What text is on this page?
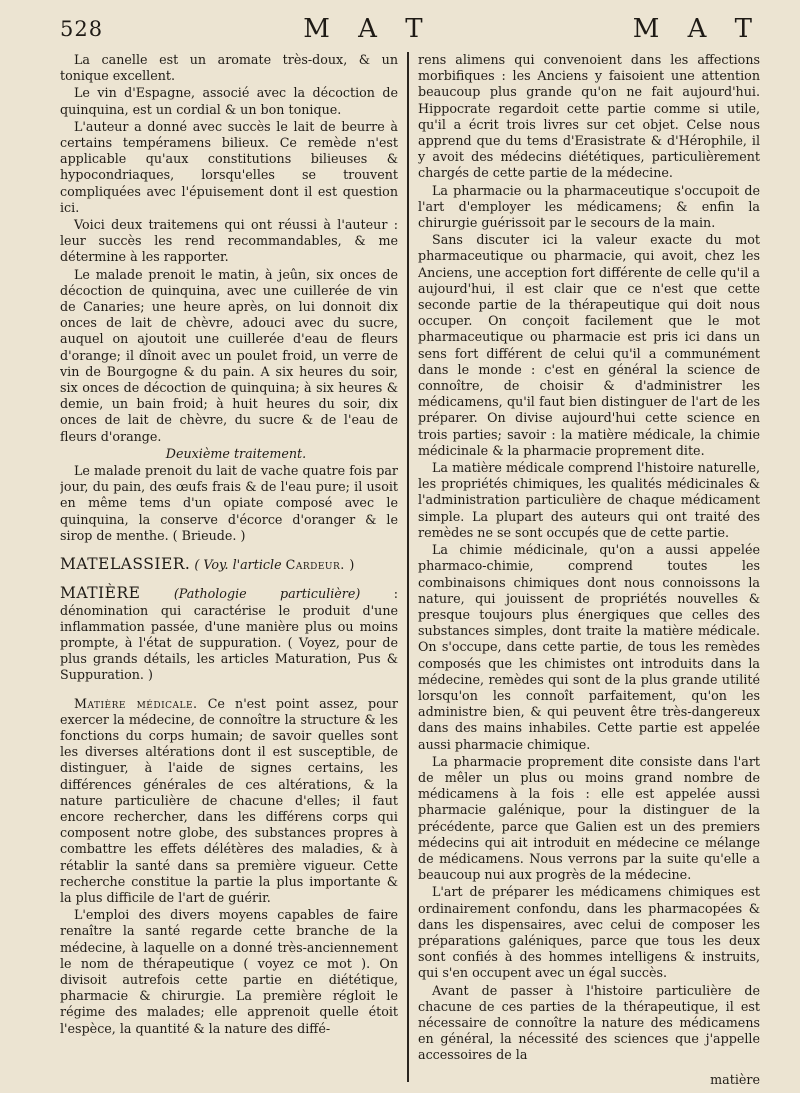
528	M A T	M A T

La canelle est un aromate très-doux, & un tonique excellent.

Le vin d'Espagne, associé avec la décoction de quinquina, est un cordial & un bon tonique.

L'auteur a donné avec succès le lait de beurre à certains tempéramens bilieux. Ce remède n'est applicable qu'aux constitutions bilieuses & hypocondriaques, lorsqu'elles se trouvent compliquées avec l'épuisement dont il est question ici.

Voici deux traitemens qui ont réussi à l'auteur : leur succès les rend recommandables, & me détermine à les rapporter.

Le malade prenoit le matin, à jeûn, six onces de décoction de quinquina, avec une cuillerée de vin de Canaries; une heure après, on lui donnoit dix onces de lait de chèvre, adouci avec du sucre, auquel on ajoutoit une cuillerée d'eau de fleurs d'orange; il dînoit avec un poulet froid, un verre de vin de Bourgogne & du pain. A six heures du soir, six onces de décoction de quinquina; à six heures & demie, un bain froid; à huit heures du soir, dix onces de lait de chèvre, du sucre & de l'eau de fleurs d'orange.

Deuxième traitement.

Le malade prenoit du lait de vache quatre fois par jour, du pain, des œufs frais & de l'eau pure; il usoit en même tems d'un opiate composé avec le quinquina, la conserve d'écorce d'oranger & le sirop de menthe. ( Brieude. )

MATELASSIER. ( Voy. l'article Cardeur. )

MATIÈRE	(Pathologie particulière)	: dénomination qui caractérise le produit d'une inflammation passée, d'une manière plus ou moins prompte, à l'état de suppuration. ( Voyez, pour de plus grands détails, les articles Maturation, Pus & Suppuration. )

Matière médicale. Ce n'est point assez, pour exercer la médecine, de connoître la structure & les fonctions du corps humain; de savoir quelles sont les diverses altérations dont il est susceptible, de distinguer, à l'aide de signes certains, les différences générales de ces altérations, & la nature particulière de chacune d'elles; il faut encore rechercher, dans les différens corps qui composent notre globe, des substances propres à combattre les effets délétères des maladies, & à rétablir la santé dans sa première vigueur. Cette recherche constitue la partie la plus importante & la plus difficile de l'art de guérir.

L'emploi des divers moyens capables de faire renaître la santé regarde cette branche de la médecine, à laquelle on a donné très-anciennement le nom de thérapeutique ( voyez ce mot ). On divisoit autrefois cette partie en diététique, pharmacie & chirurgie. La première régloit le régime des malades; elle apprenoit quelle étoit l'espèce, la quantité & la nature des diffé-

rens alimens qui convenoient dans les affections morbifiques : les Anciens y faisoient une attention beaucoup plus grande qu'on ne fait aujourd'hui. Hippocrate regardoit cette partie comme si utile, qu'il a écrit trois livres sur cet objet. Celse nous apprend que du tems d'Erasistrate & d'Hérophile, il y avoit des médecins diététiques, particulièrement chargés de cette partie de la médecine.

La pharmacie ou la pharmaceutique s'occupoit de l'art d'employer les médicamens; & enfin la chirurgie guérissoit par le secours de la main.

Sans discuter ici la valeur exacte du mot pharmaceutique ou pharmacie, qui avoit, chez les Anciens, une acception fort différente de celle qu'il a aujourd'hui, il est clair que ce n'est que cette seconde partie de la thérapeutique qui doit nous occuper. On conçoit facilement que le mot pharmaceutique ou pharmacie est pris ici dans un sens fort différent de celui qu'il a communément dans le monde : c'est en général la science de connoître, de choisir & d'administrer les médicamens, qu'il faut bien distinguer de l'art de les préparer. On divise aujourd'hui cette science en trois parties; savoir : la matière médicale, la chimie médicinale & la pharmacie proprement dite.

La matière médicale comprend l'histoire naturelle, les propriétés chimiques, les qualités médicinales & l'administration particulière de chaque médicament simple. La plupart des auteurs qui ont traité des remèdes ne se sont occupés que de cette partie.

La chimie médicinale, qu'on a aussi appelée pharmaco-chimie, comprend toutes les combinaisons chimiques dont nous connoissons la nature, qui jouissent de propriétés nouvelles & presque toujours plus énergiques que celles des substances simples, dont traite la matière médicale. On s'occupe, dans cette partie, de tous les remèdes composés que les chimistes ont introduits dans la médecine, remèdes qui sont de la plus grande utilité lorsqu'on les connoît parfaitement, qu'on les administre bien, & qui peuvent être très-dangereux dans des mains inhabiles. Cette partie est appelée aussi pharmacie chimique.

La pharmacie proprement dite consiste dans l'art de mêler un plus ou moins grand nombre de médicamens à la fois : elle est appelée aussi pharmacie galénique, pour la distinguer de la précédente, parce que Galien est un des premiers médecins qui ait introduit en médecine ce mélange de médicamens. Nous verrons par la suite qu'elle a beaucoup nui aux progrès de la médecine.

L'art de préparer les médicamens chimiques est ordinairement confondu, dans les pharmacopées & dans les dispensaires, avec celui de composer les préparations galéniques, parce que tous les deux sont confiés à des hommes intelligens & instruits, qui s'en occupent avec un égal succès.

Avant de passer à l'histoire particulière de chacune de ces parties de la thérapeutique, il est nécessaire de connoître la nature des médicamens en général, la nécessité des sciences que j'appelle accessoires de la

matière
